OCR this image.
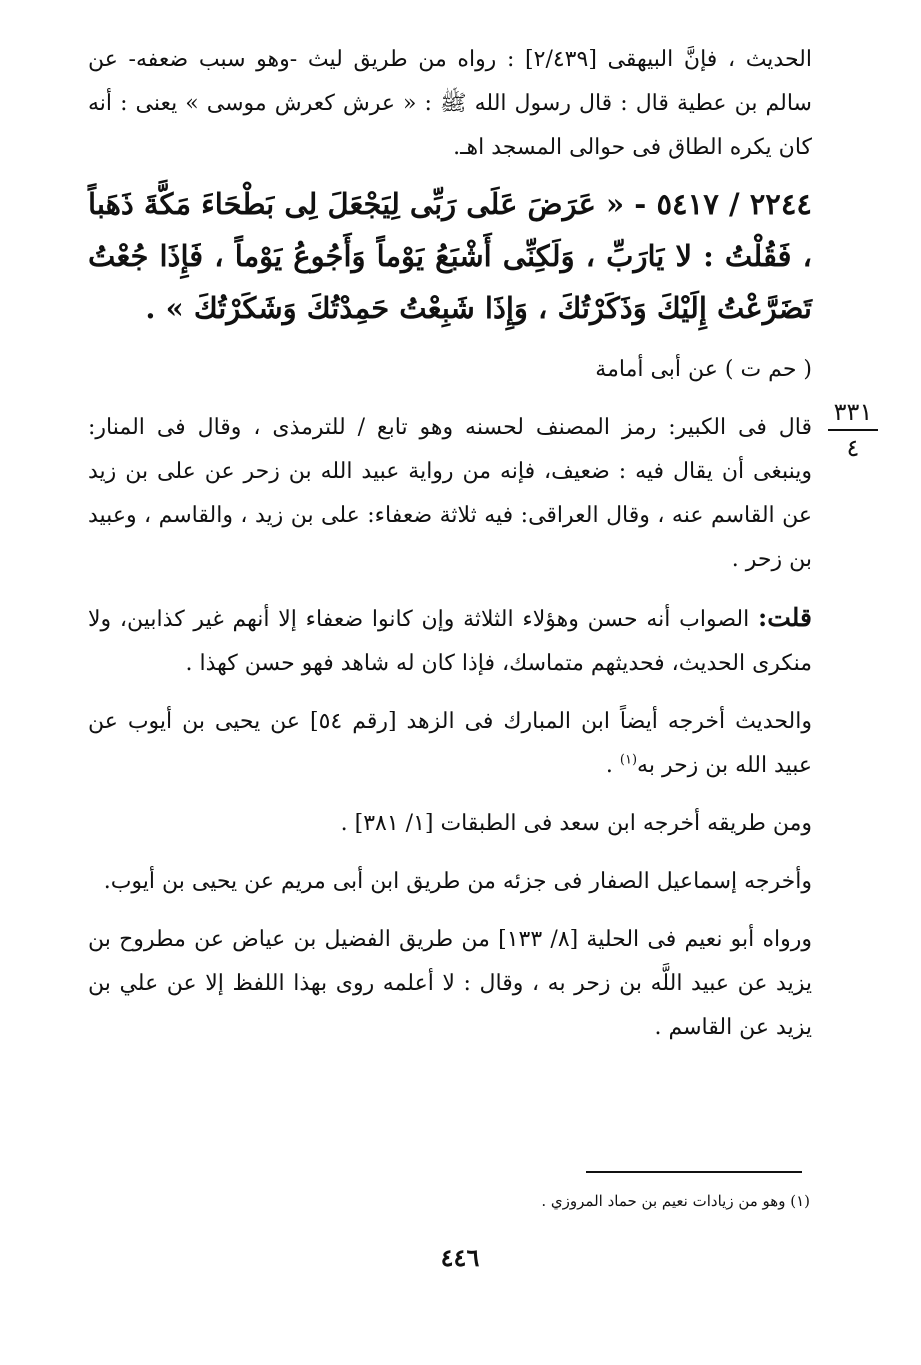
الحديث ، فإنَّ البيهقى [٢/٤٣٩] : رواه من طريق ليث -وهو سبب ضعفه- عن سالم بن عطية قال : قال رسول الله ﷺ : « عرش كعرش موسى » يعنى : أنه كان يكره الطاق فى حوالى المسجد اهـ.

٢٢٤٤ / ٥٤١٧ - « عَرَضَ عَلَى رَبِّى لِيَجْعَلَ لِى بَطْحَاءَ مَكَّةَ ذَهَباً ، فَقُلْتُ : لا يَارَبِّ ، وَلَكِنِّى أَشْبَعُ يَوْماً وَأَجُوعُ يَوْماً ، فَإِذَا جُعْتُ تَضَرَّعْتُ إِلَيْكَ وَذَكَرْتُكَ ، وَإِذَا شَبِعْتُ حَمِدْتُكَ وَشَكَرْتُكَ » .

( حم ت ) عن أبى أمامة

قال فى الكبير: رمز المصنف لحسنه وهو تابع / للترمذى ، وقال فى المنار: وينبغى أن يقال فيه : ضعيف، فإنه من رواية عبيد الله بن زحر عن على بن زيد عن القاسم عنه ، وقال العراقى: فيه ثلاثة ضعفاء: على بن زيد ، والقاسم ، وعبيد بن زحر .

قلت: الصواب أنه حسن وهؤلاء الثلاثة وإن كانوا ضعفاء إلا أنهم غير كذابين، ولا منكرى الحديث، فحديثهم متماسك، فإذا كان له شاهد فهو حسن كهذا .

والحديث أخرجه أيضاً ابن المبارك فى الزهد [رقم ٥٤] عن يحيى بن أيوب عن عبيد الله بن زحر به$^{(١)}$ .

ومن طريقه أخرجه ابن سعد فى الطبقات [١/ ٣٨١] .

وأخرجه إسماعيل الصفار فى جزئه من طريق ابن أبى مريم عن يحيى بن أيوب.

ورواه أبو نعيم فى الحلية [٨/ ١٣٣] من طريق الفضيل بن عياض عن مطروح بن يزيد عن عبيد اللَّه بن زحر به ، وقال : لا أعلمه روى بهذا اللفظ إلا عن علي بن يزيد عن القاسم .

٣٣١
٤

(١) وهو من زيادات نعيم بن حماد المروزي .

٤٤٦
